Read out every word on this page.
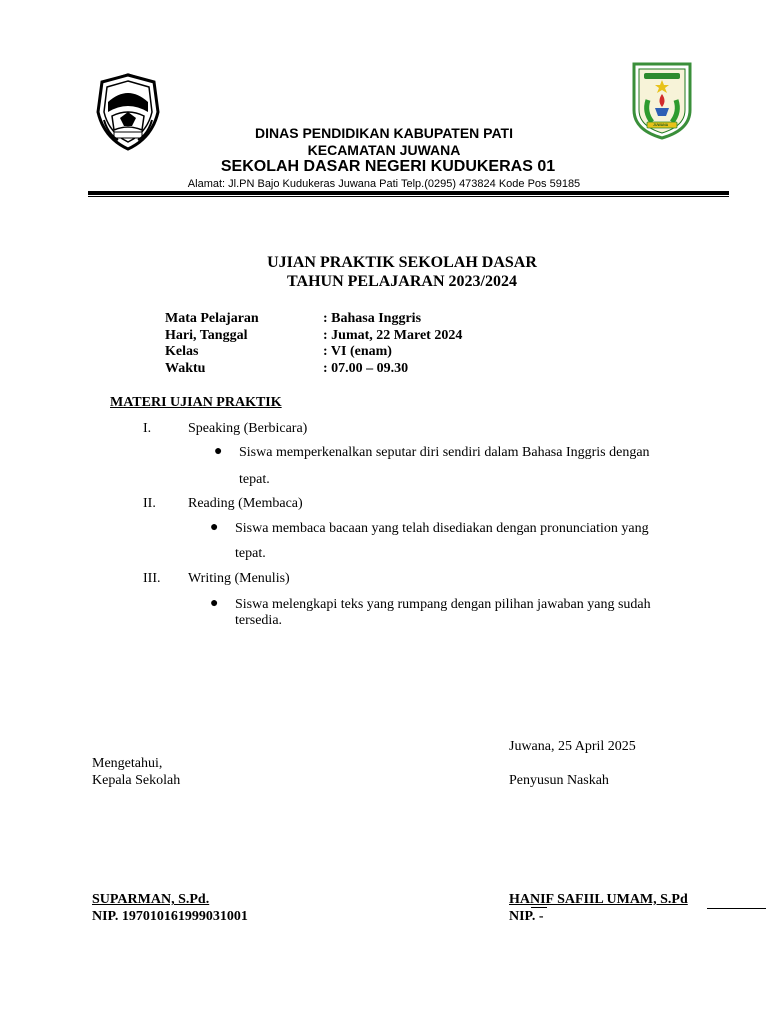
JUWANA
DINAS PENDIDIKAN KABUPATEN PATI
KECAMATAN JUWANA
SEKOLAH DASAR NEGERI KUDUKERAS 01
Alamat: Jl.PN Bajo Kudukeras Juwana Pati Telp.(0295) 473824 Kode Pos 59185
UJIAN PRAKTIK SEKOLAH DASAR
TAHUN PELAJARAN 2023/2024
Mata Pelajaran	: Bahasa Inggris
Hari, Tanggal	: Jumat, 22 Maret 2024
Kelas	: VI (enam)
Waktu	: 07.00 – 09.30
MATERI UJIAN PRAKTIK
I.	Speaking (Berbicara)
● Siswa memperkenalkan seputar diri sendiri dalam Bahasa Inggris dengan
tepat.
II. Reading (Membaca)
● Siswa membaca bacaan yang telah disediakan dengan pronunciation yang
tepat.
III. Writing (Menulis)
● Siswa melengkapi teks yang rumpang dengan pilihan jawaban yang sudah
tersedia.
Juwana, 25 April 2025
Mengetahui,
Kepala Sekolah	Penyusun Naskah
SUPARMAN, S.Pd.
NIP. 197010161999031001
HANIF SAFIIL UMAM, S.Pd
NIP. -
